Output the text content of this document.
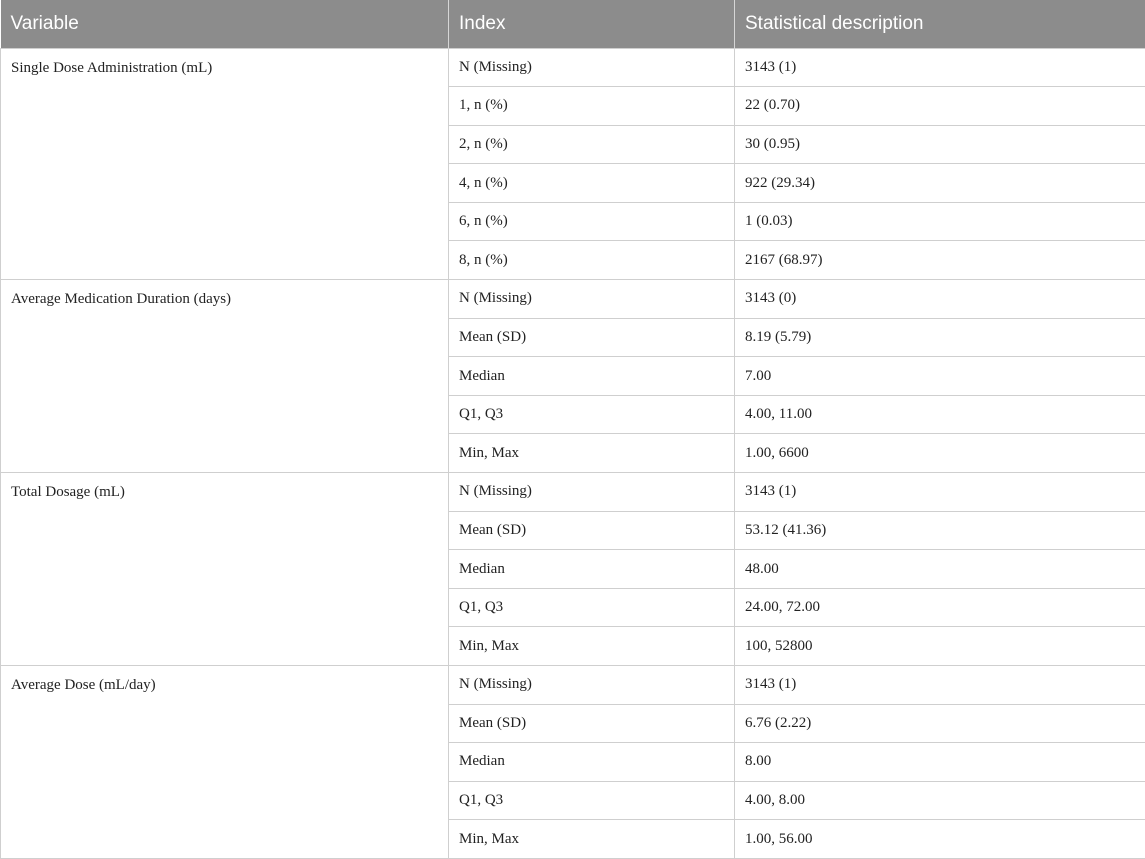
Variable	Index	Statistical description
Single Dose Administration (mL)	N (Missing)	3143 (1)
	1, n (%)	22 (0.70)
	2, n (%)	30 (0.95)
	4, n (%)	922 (29.34)
	6, n (%)	1 (0.03)
	8, n (%)	2167 (68.97)
Average Medication Duration (days)	N (Missing)	3143 (0)
	Mean (SD)	8.19 (5.79)
	Median	7.00
	Q1, Q3	4.00, 11.00
	Min, Max	1.00, 6600
Total Dosage (mL)	N (Missing)	3143 (1)
	Mean (SD)	53.12 (41.36)
	Median	48.00
	Q1, Q3	24.00, 72.00
	Min, Max	100, 52800
Average Dose (mL/day)	N (Missing)	3143 (1)
	Mean (SD)	6.76 (2.22)
	Median	8.00
	Q1, Q3	4.00, 8.00
	Min, Max	1.00, 56.00
